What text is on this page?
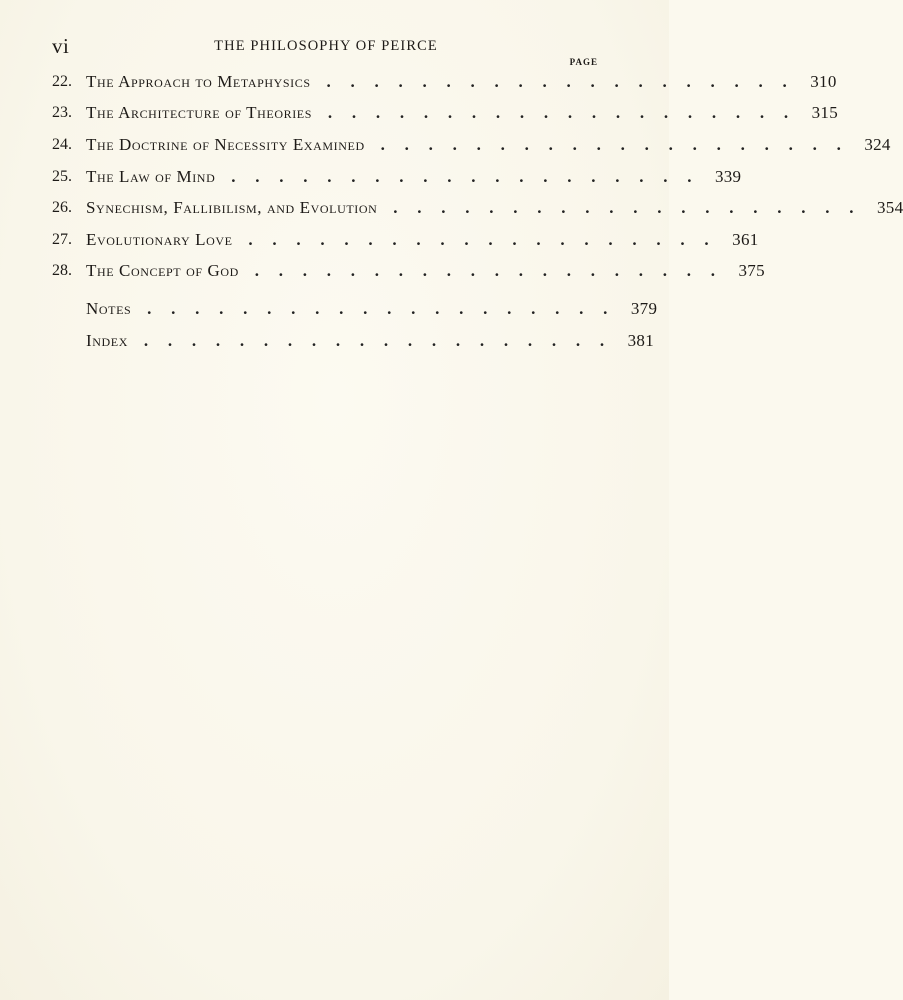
vi	THE PHILOSOPHY OF PEIRCE
PAGE
22. The Approach to Metaphysics	....................	310
23. The Architecture of Theories	....................	315
24. The Doctrine of Necessity Examined	....................	324
25. The Law of Mind	....................	339
26. Synechism, Fallibilism, and Evolution	....................	354
27. Evolutionary Love	....................	361
28. The Concept of God	....................	375
Notes	....................	379
Index	....................	381
